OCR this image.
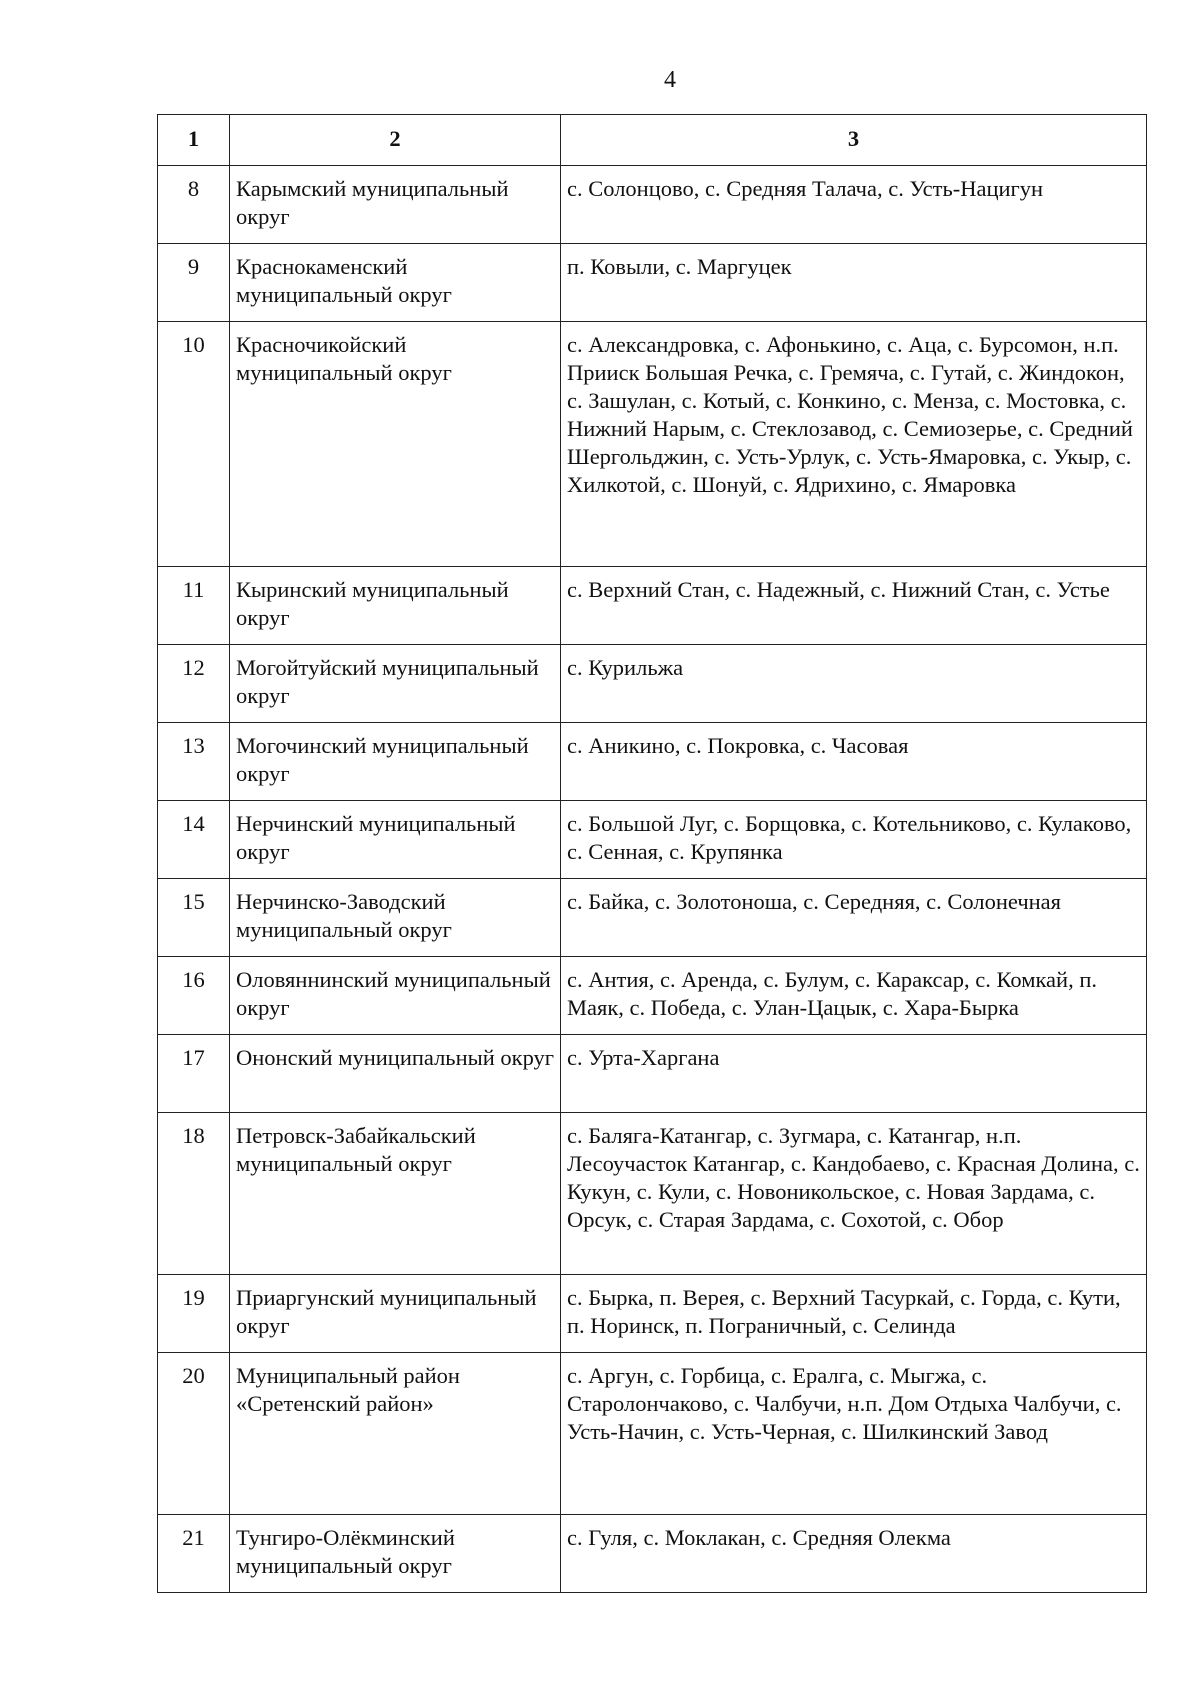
4
1	2	3
8	Карымский муниципальный округ	с. Солонцово, с. Средняя Талача, с. Усть-Нацигун
9	Краснокаменский муниципальный округ	п. Ковыли, с. Маргуцек
10	Красночикойский муниципальный округ	с. Александровка, с. Афонькино, с. Аца, с. Бурсомон, н.п. Прииск Большая Речка, с. Гремяча, с. Гутай, с. Жиндокон, с. Зашулан, с. Котый, с. Конкино, с. Менза, с. Мостовка, с. Нижний Нарым, с. Стеклозавод, с. Семиозерье, с. Средний Шергольджин, с. Усть-Урлук, с. Усть-Ямаровка, с. Укыр, с. Хилкотой, с. Шонуй, с. Ядрихино, с. Ямаровка
11	Кыринский муниципальный округ	с. Верхний Стан, с. Надежный, с. Нижний Стан, с. Устье
12	Могойтуйский муниципальный округ	с. Курильжа
13	Могочинский муниципальный округ	с. Аникино, с. Покровка, с. Часовая
14	Нерчинский муниципальный округ	с. Большой Луг, с. Борщовка, с. Котельниково, с. Кулаково, с. Сенная, с. Крупянка
15	Нерчинско-Заводский муниципальный округ	с. Байка, с. Золотоноша, с. Середняя, с. Солонечная
16	Оловяннинский муниципальный округ	с. Антия, с. Аренда, с. Булум, с. Караксар, с. Комкай, п. Маяк, с. Победа, с. Улан-Цацык, с. Хара-Бырка
17	Ононский муниципальный округ	с. Урта-Харгана
18	Петровск-Забайкальский муниципальный округ	с. Баляга-Катангар, с. Зугмара, с. Катангар, н.п. Лесоучасток Катангар, с. Кандобаево, с. Красная Долина, с. Кукун, с. Кули, с. Новоникольское, с. Новая Зардама, с. Орсук, с. Старая Зардама, с. Сохотой, с. Обор
19	Приаргунский муниципальный округ	с. Бырка, п. Верея, с. Верхний Тасуркай, с. Горда, с. Кути, п. Норинск, п. Пограничный, с. Селинда
20	Муниципальный район «Сретенский район»	с. Аргун, с. Горбица, с. Ералга, с. Мыгжа, с. Старолончаково, с. Чалбучи, н.п. Дом Отдыха Чалбучи, с. Усть-Начин, с. Усть-Черная, с. Шилкинский Завод
21	Тунгиро-Олёкминский муниципальный округ	с. Гуля, с. Моклакан, с. Средняя Олекма
